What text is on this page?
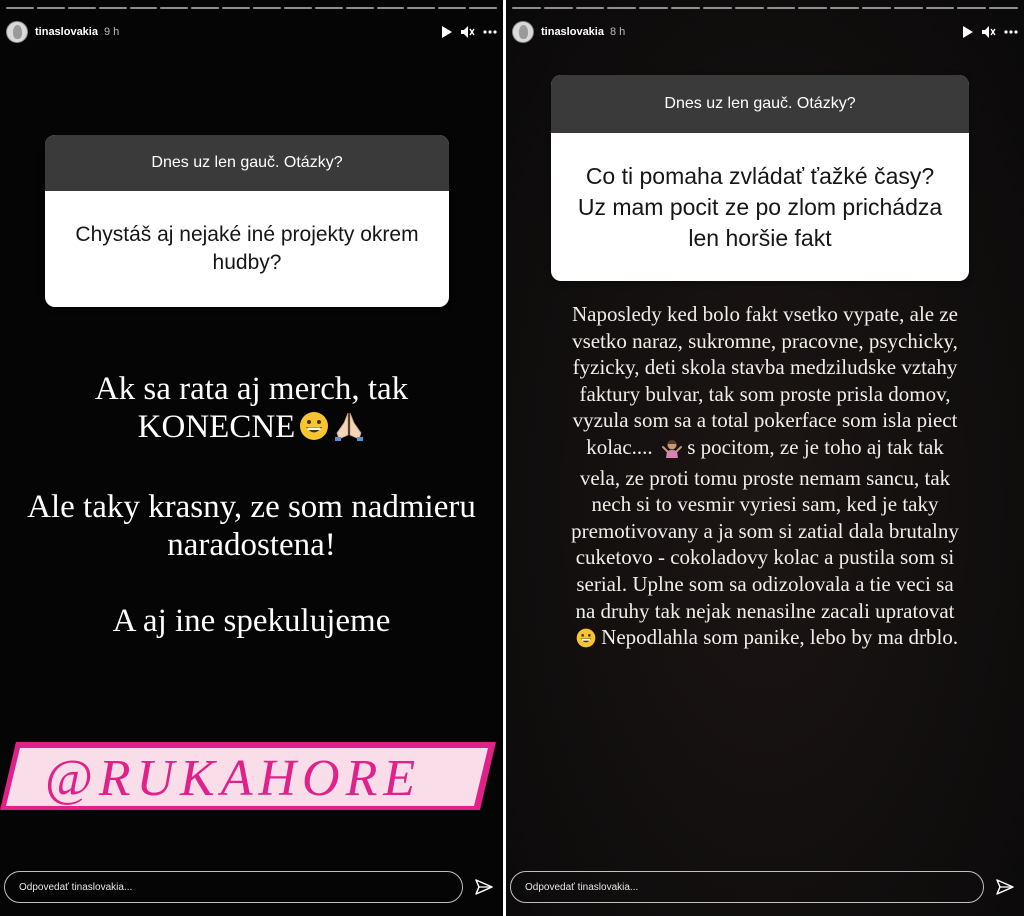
tinaslovakia 9 h
Dnes uz len gauč. Otázky?
Chystáš aj nejaké iné projekty okrem hudby?

Ak sa rata aj merch, tak KONECNE

Ale taky krasny, ze som nadmieru naradostena!

A aj ine spekulujeme

@RUKAHORE
Odpovedať tinaslovakia...
tinaslovakia 8 h
Dnes uz len gauč. Otázky?
Co ti pomaha zvládať ťažké časy? Uz mam pocit ze po zlom prichádza len horšie fakt
Naposledy ked bolo fakt vsetko vypate, ale ze vsetko naraz, sukromne, pracovne, psychicky, fyzicky, deti skola stavba medziludske vztahy faktury bulvar, tak som proste prisla domov, vyzula som sa a total pokerface som isla piect kolac.... s pocitom, ze je toho aj tak tak vela, ze proti tomu proste nemam sancu, tak nech si to vesmir vyriesi sam, ked je taky premotivovany a ja som si zatial dala brutalny cuketovo - cokoladovy kolac a pustila som si serial. Uplne som sa odizolovala a tie veci sa na druhy tak nejak nenasilne zacali upratovat  Nepodlahla som panike, lebo by ma drblo.
Odpovedať tinaslovakia...
